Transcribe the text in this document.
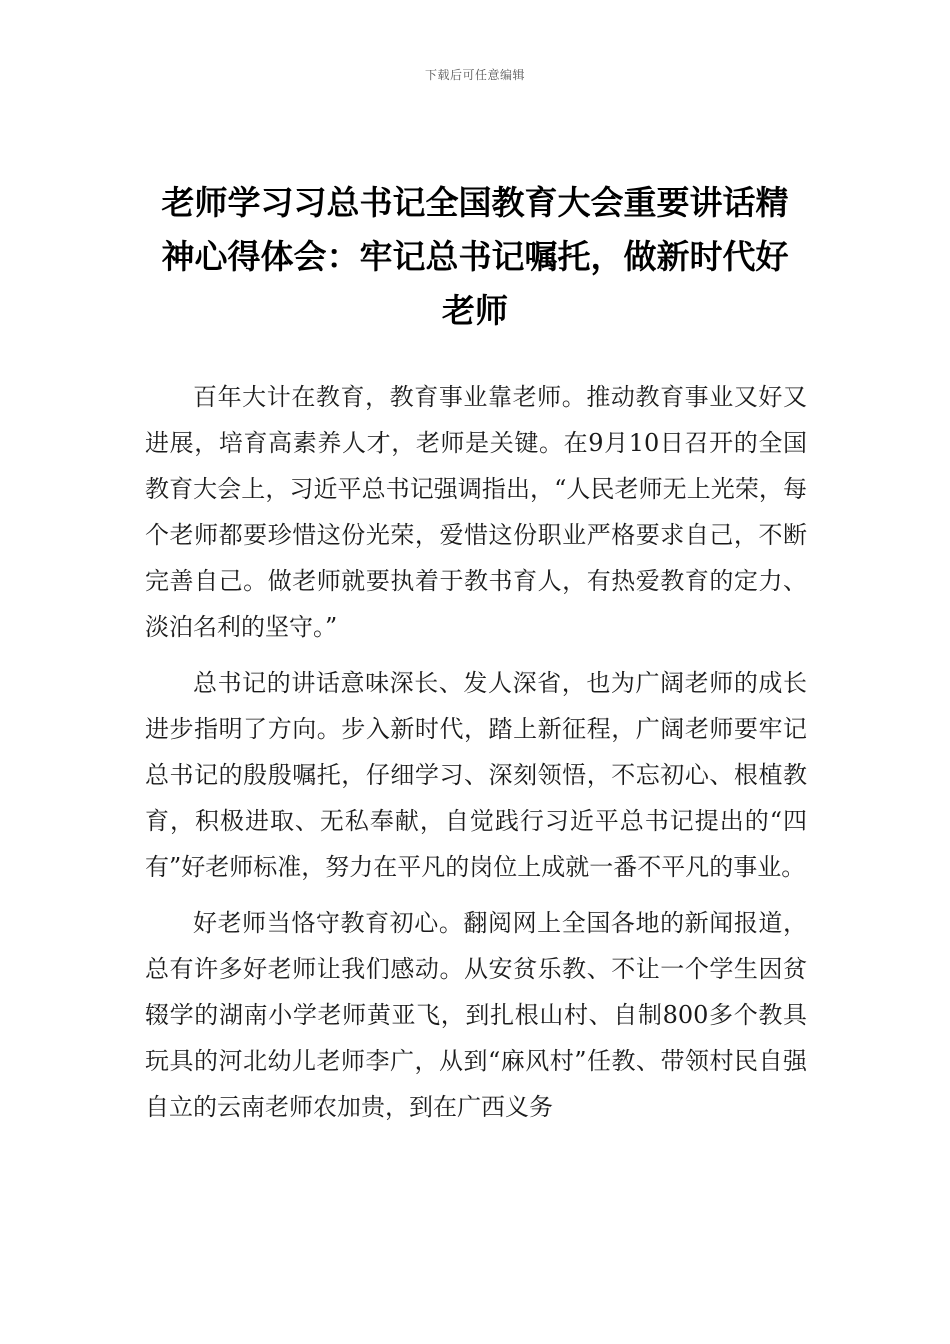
下载后可任意编辑
老师学习习总书记全国教育大会重要讲话精神心得体会：牢记总书记嘱托，做新时代好老师

百年大计在教育，教育事业靠老师。推动教育事业又好又进展，培育高素养人才，老师是关键。在9月10日召开的全国教育大会上，习近平总书记强调指出，“人民老师无上光荣，每个老师都要珍惜这份光荣，爱惜这份职业严格要求自己，不断完善自己。做老师就要执着于教书育人，有热爱教育的定力、淡泊名利的坚守。”

总书记的讲话意味深长、发人深省，也为广阔老师的成长进步指明了方向。步入新时代，踏上新征程，广阔老师要牢记总书记的殷殷嘱托，仔细学习、深刻领悟，不忘初心、根植教育，积极进取、无私奉献，自觉践行习近平总书记提出的“四有”好老师标准，努力在平凡的岗位上成就一番不平凡的事业。

好老师当恪守教育初心。翻阅网上全国各地的新闻报道，总有许多好老师让我们感动。从安贫乐教、不让一个学生因贫辍学的湖南小学老师黄亚飞，到扎根山村、自制800多个教具玩具的河北幼儿老师李广，从到“麻风村”任教、带领村民自强自立的云南老师农加贵，到在广西义务
